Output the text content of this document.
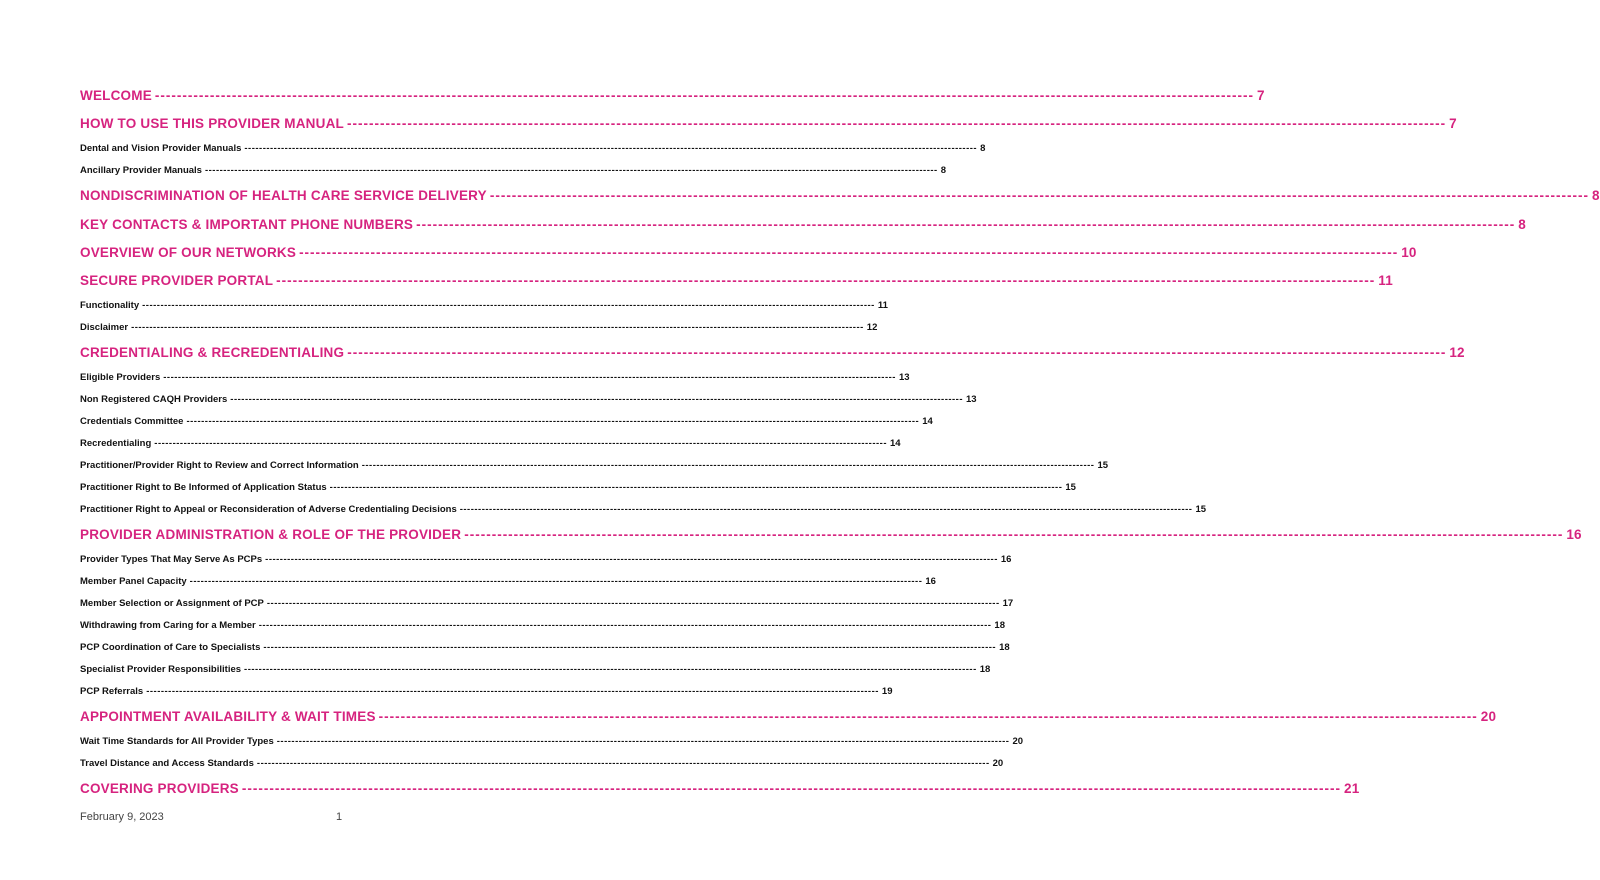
WELCOME -------------------------------------------------------------------------------------------------------------------------------------------------------------------------------------------------------- 7
HOW TO USE THIS PROVIDER MANUAL -------------------------------------------------------------------------------------------------------------------------------------------------------------------------------------------------------- 7
Dental and Vision Provider Manuals -------------------------------------------------------------------------------------------------------------------------------------------------------------------------------------------------------- 8
Ancillary Provider Manuals -------------------------------------------------------------------------------------------------------------------------------------------------------------------------------------------------------- 8
NONDISCRIMINATION OF HEALTH CARE SERVICE DELIVERY -------------------------------------------------------------------------------------------------------------------------------------------------------------------------------------------------------- 8
KEY CONTACTS & IMPORTANT PHONE NUMBERS -------------------------------------------------------------------------------------------------------------------------------------------------------------------------------------------------------- 8
OVERVIEW OF OUR NETWORKS -------------------------------------------------------------------------------------------------------------------------------------------------------------------------------------------------------- 10
SECURE PROVIDER PORTAL -------------------------------------------------------------------------------------------------------------------------------------------------------------------------------------------------------- 11
Functionality -------------------------------------------------------------------------------------------------------------------------------------------------------------------------------------------------------- 11
Disclaimer -------------------------------------------------------------------------------------------------------------------------------------------------------------------------------------------------------- 12
CREDENTIALING & RECREDENTIALING -------------------------------------------------------------------------------------------------------------------------------------------------------------------------------------------------------- 12
Eligible Providers -------------------------------------------------------------------------------------------------------------------------------------------------------------------------------------------------------- 13
Non Registered CAQH Providers -------------------------------------------------------------------------------------------------------------------------------------------------------------------------------------------------------- 13
Credentials Committee -------------------------------------------------------------------------------------------------------------------------------------------------------------------------------------------------------- 14
Recredentialing -------------------------------------------------------------------------------------------------------------------------------------------------------------------------------------------------------- 14
Practitioner/Provider Right to Review and Correct Information -------------------------------------------------------------------------------------------------------------------------------------------------------------------------------------------------------- 15
Practitioner Right to Be Informed of Application Status -------------------------------------------------------------------------------------------------------------------------------------------------------------------------------------------------------- 15
Practitioner Right to Appeal or Reconsideration of Adverse Credentialing Decisions -------------------------------------------------------------------------------------------------------------------------------------------------------------------------------------------------------- 15
PROVIDER ADMINISTRATION & ROLE OF THE PROVIDER -------------------------------------------------------------------------------------------------------------------------------------------------------------------------------------------------------- 16
Provider Types That May Serve As PCPs -------------------------------------------------------------------------------------------------------------------------------------------------------------------------------------------------------- 16
Member Panel Capacity -------------------------------------------------------------------------------------------------------------------------------------------------------------------------------------------------------- 16
Member Selection or Assignment of PCP -------------------------------------------------------------------------------------------------------------------------------------------------------------------------------------------------------- 17
Withdrawing from Caring for a Member -------------------------------------------------------------------------------------------------------------------------------------------------------------------------------------------------------- 18
PCP Coordination of Care to Specialists -------------------------------------------------------------------------------------------------------------------------------------------------------------------------------------------------------- 18
Specialist Provider Responsibilities -------------------------------------------------------------------------------------------------------------------------------------------------------------------------------------------------------- 18
PCP Referrals -------------------------------------------------------------------------------------------------------------------------------------------------------------------------------------------------------- 19
APPOINTMENT AVAILABILITY & WAIT TIMES -------------------------------------------------------------------------------------------------------------------------------------------------------------------------------------------------------- 20
Wait Time Standards for All Provider Types -------------------------------------------------------------------------------------------------------------------------------------------------------------------------------------------------------- 20
Travel Distance and Access Standards -------------------------------------------------------------------------------------------------------------------------------------------------------------------------------------------------------- 20
COVERING PROVIDERS -------------------------------------------------------------------------------------------------------------------------------------------------------------------------------------------------------- 21
February 9, 2023	1
